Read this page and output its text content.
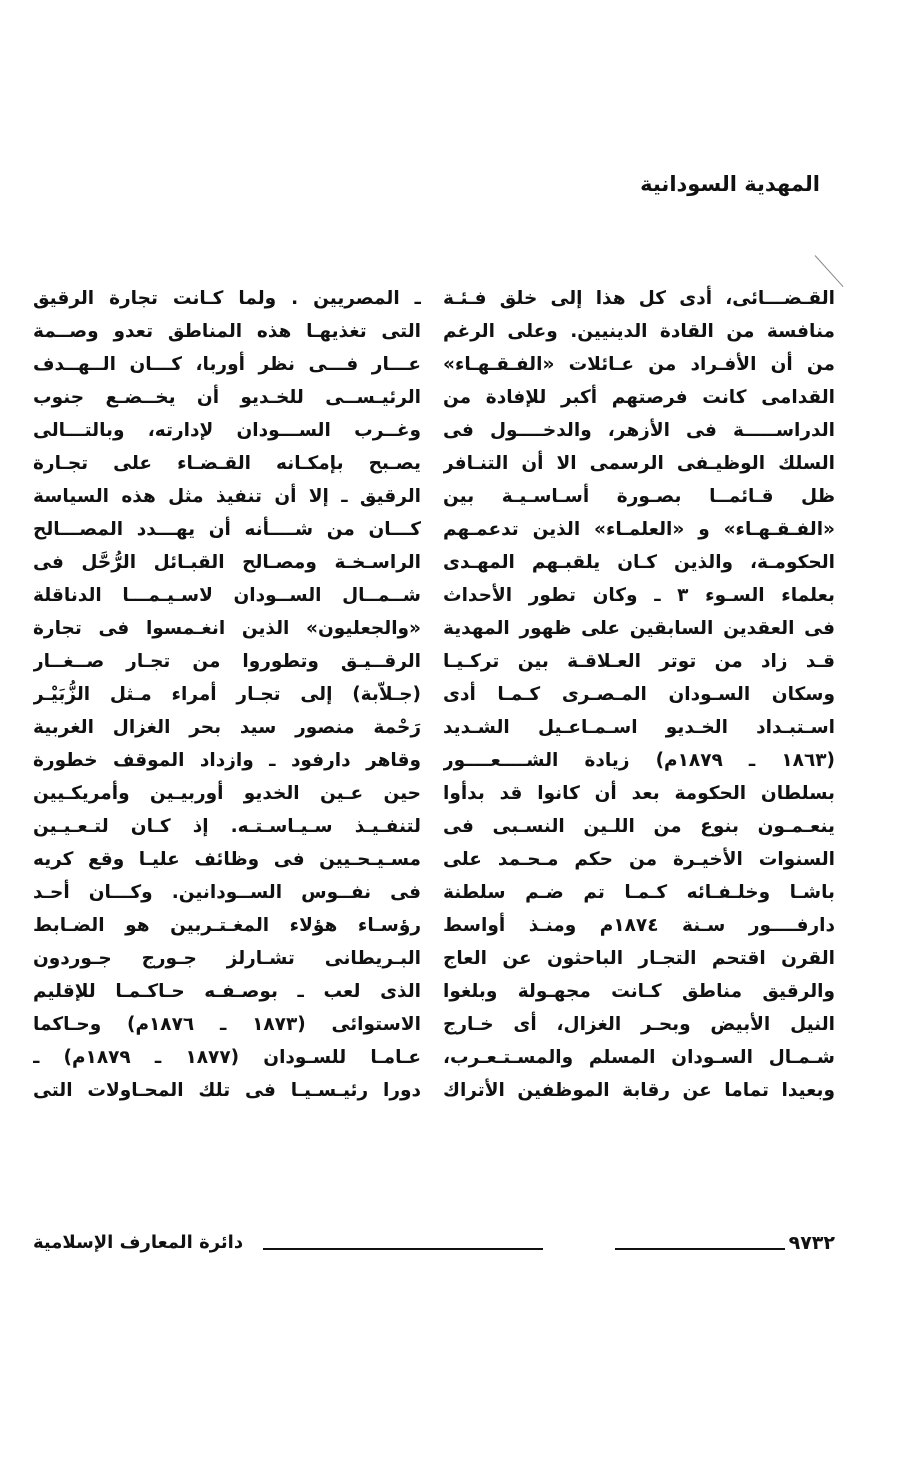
المهدية السودانية
القـضـــائى، أدى كل هذا إلى خلق فـئـة
منافسة من القادة الدينيين. وعلى الرغم
من أن الأفـراد من عـائلات «الفـقـهـاء»
القدامى كانت فرصتهم أكبر للإفادة من
الدراســـــة فى الأزهر، والدخــــول فى
السلك الوظيـفى الرسمى الا أن التنـافر
ظل قـائمــا بصـورة أسـاسـيـة بين
«الفـقـهـاء» و «العلمـاء» الذين تدعمـهم
الحكومـة، والذين كـان يلقبـهم المهـدى
بعلماء السـوء ٣ ـ وكان تطور الأحداث
فى العقدين السابقين على ظهور المهدية
قـد زاد من توتر العـلاقـة بين تركـيـا
وسكان السـودان المـصـرى كـمـا أدى
اسـتبـداد الخـديو اسـمـاعـيل الشـديد
(١٨٦٣ ـ ١٨٧٩م) زيادة الشــــعــــور
بسلطان الحكومة بعد أن كانوا قد بدأوا
ينعـمـون بنوع من اللـين النسـبى فى
السنوات الأخيـرة من حكم مـحـمد على
باشـا وخلـفـائه كـمـا تم ضـم سلطنة
دارفــــور سـنة ١٨٧٤م ومنـذ أواسط
القرن اقتحم التجـار الباحثون عن العاج
والرقيق مناطق كـانت مجهـولة وبلغوا
النيل الأبيض وبحـر الغزال، أى خـارج
شـمـال السـودان المسلم والمسـتـعـرب،
وبعيدا تماما عن رقابة الموظفين الأتراك
ـ المصريين . ولما كـانت تجارة الرقيق
التى تغذيهـا هذه المناطق تعدو وصــمة
عـــار فـــى نظر أوربا، كـــان الــهــدف
الرئيـســى للخـديو أن يخــضـع جنوب
وغــرب الســـودان لإدارته، وبالتـــالى
يصـبح بإمكـانه القـضـاء على تجـارة
الرقيق ـ إلا أن تنفيذ مثل هذه السياسة
كـــان من شــــأنه أن يهـــدد المصـــالح
الراسـخـة ومصـالح القبـائل الرُّحَّل فى
شــمــال الســودان لاسـيـمـــا الدناقلة
«والجعليون» الذين انغـمسوا فى تجارة
الرقــيـق وتطوروا من تجـار صــغــار
(جـلاّبة) إلى تجـار أمراء مـثل الزُّبَيْـر
رَحْمة منصور سيد بحر الغزال الغربية
وقاهر دارفود ـ وازداد الموقف خطورة
حين عـين الخديو أوربيـين وأمريكـيين
لتنفـيـذ سـيـاسـتـه. إذ كـان لتـعـيـين
مسـيـحـيين فى وظائف عليـا وقع كريه
فى نفــوس الســودانين. وكـــان أحـد
رؤسـاء هؤلاء المغـتـربين هو الضـابط
البـريطانى تشـارلز جـورج جـوردون
الذى لعب ـ بوصـفـه حـاكـمـا للإقليم
الاستوائى (١٨٧٣ ـ ١٨٧٦م) وحـاكما
عـامـا للسـودان (١٨٧٧ ـ ١٨٧٩م) ـ
دورا رئيـسـيـا فى تلك المحـاولات التى
٩٧٣٢
دائرة المعارف الإسلامية
